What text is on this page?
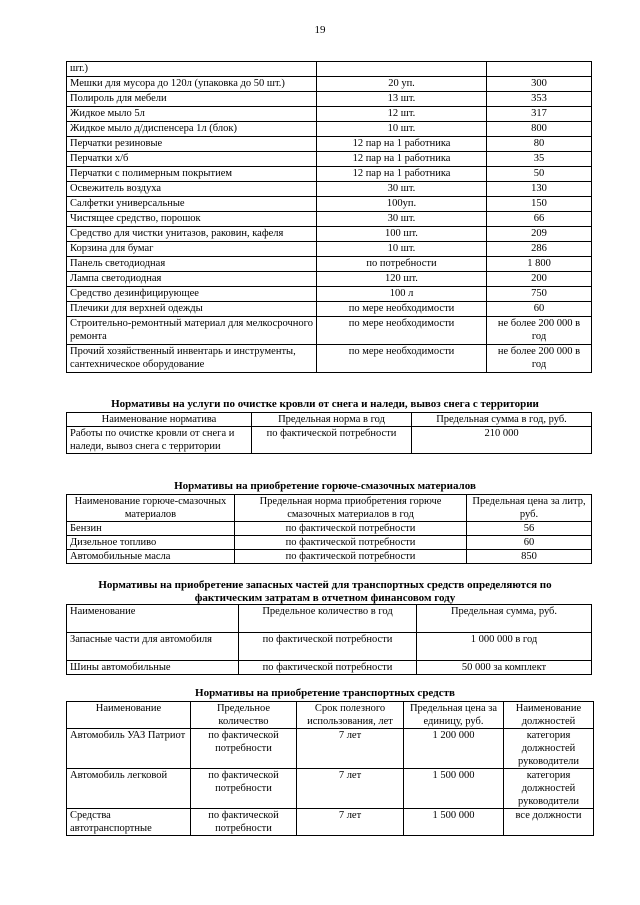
19
шт.)		
Мешки для мусора до 120л (упаковка до 50 шт.)	20 уп.	300
Полироль для мебели	13 шт.	353
Жидкое мыло 5л	12 шт.	317
Жидкое мыло д/диспенсера 1л (блок)	10 шт.	800
Перчатки резиновые	12 пар на 1 работника	80
Перчатки х/б	12 пар на 1 работника	35
Перчатки с полимерным покрытием	12 пар на 1 работника	50
Освежитель воздуха	30 шт.	130
Салфетки универсальные	100уп.	150
Чистящее средство, порошок	30 шт.	66
Средство для чистки унитазов, раковин, кафеля	100 шт.	209
Корзина для бумаг	10 шт.	286
Панель светодиодная	по потребности	1 800
Лампа светодиодная	120 шт.	200
Средство дезинфицирующее	100 л	750
Плечики для верхней одежды	по мере необходимости	60
Строительно-ремонтный материал для мелкосрочного ремонта	по мере необходимости	не более 200 000 в год
Прочий хозяйственный инвентарь и инструменты, сантехническое оборудование	по мере необходимости	не более 200 000 в год
Нормативы на услуги по очистке кровли от снега и наледи, вывоз снега с территории
Наименование норматива	Предельная норма в год	Предельная сумма в год, руб.
Работы по очистке кровли от снега и наледи, вывоз снега с территории	по фактической потребности	210 000
Нормативы на приобретение горюче-смазочных материалов
Наименование горюче-смазочных материалов	Предельная норма приобретения горюче смазочных материалов в год	Предельная цена за литр, руб.
Бензин	по фактической потребности	56
Дизельное топливо	по фактической потребности	60
Автомобильные масла	по фактической потребности	850
Нормативы на приобретение запасных частей для транспортных средств определяются по фактическим затратам в отчетном финансовом году
Наименование	Предельное количество в год	Предельная сумма, руб.
Запасные части для автомобиля	по фактической потребности	1 000 000 в год
Шины автомобильные	по фактической потребности	50 000 за комплект
Нормативы на приобретение транспортных средств
Наименование	Предельное количество	Срок полезного использования, лет	Предельная цена за единицу, руб.	Наименование должностей
Автомобиль УАЗ Патриот	по фактической потребности	7 лет	1 200 000	категория должностей руководители
Автомобиль легковой	по фактической потребности	7 лет	1 500 000	категория должностей руководители
Средства автотранспортные	по фактической потребности	7 лет	1 500 000	все должности
